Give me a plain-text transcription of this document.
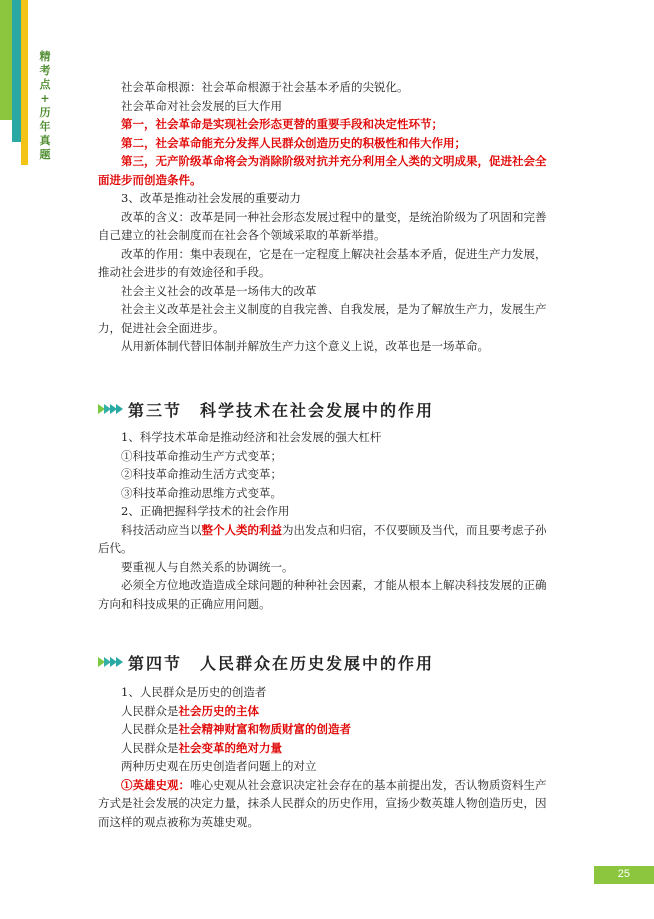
精
考
点
+
历
年
真
题

社会革命根源：社会革命根源于社会基本矛盾的尖锐化。

社会革命对社会发展的巨大作用

第一，社会革命是实现社会形态更替的重要手段和决定性环节；

第二，社会革命能充分发挥人民群众创造历史的积极性和伟大作用；

第三，无产阶级革命将会为消除阶级对抗并充分利用全人类的文明成果，促进社会全面进步而创造条件。

3、改革是推动社会发展的重要动力

改革的含义：改革是同一种社会形态发展过程中的量变，是统治阶级为了巩固和完善自己建立的社会制度而在社会各个领域采取的革新举措。

改革的作用：集中表现在，它是在一定程度上解决社会基本矛盾，促进生产力发展，推动社会进步的有效途径和手段。

社会主义社会的改革是一场伟大的改革

社会主义改革是社会主义制度的自我完善、自我发展，是为了解放生产力，发展生产力，促进社会全面进步。

从用新体制代替旧体制并解放生产力这个意义上说，改革也是一场革命。

第三节　科学技术在社会发展中的作用

1、科学技术革命是推动经济和社会发展的强大杠杆

①科技革命推动生产方式变革；

②科技革命推动生活方式变革；

③科技革命推动思维方式变革。

2、正确把握科学技术的社会作用

科技活动应当以整个人类的利益为出发点和归宿，不仅要顾及当代，而且要考虑子孙后代。

要重视人与自然关系的协调统一。

必须全方位地改造造成全球问题的种种社会因素，才能从根本上解决科技发展的正确方向和科技成果的正确应用问题。

第四节　人民群众在历史发展中的作用

1、人民群众是历史的创造者

人民群众是社会历史的主体

人民群众是社会精神财富和物质财富的创造者

人民群众是社会变革的绝对力量

两种历史观在历史创造者问题上的对立

①英雄史观：唯心史观从社会意识决定社会存在的基本前提出发，否认物质资料生产方式是社会发展的决定力量，抹杀人民群众的历史作用，宣扬少数英雄人物创造历史，因而这样的观点被称为英雄史观。

25
